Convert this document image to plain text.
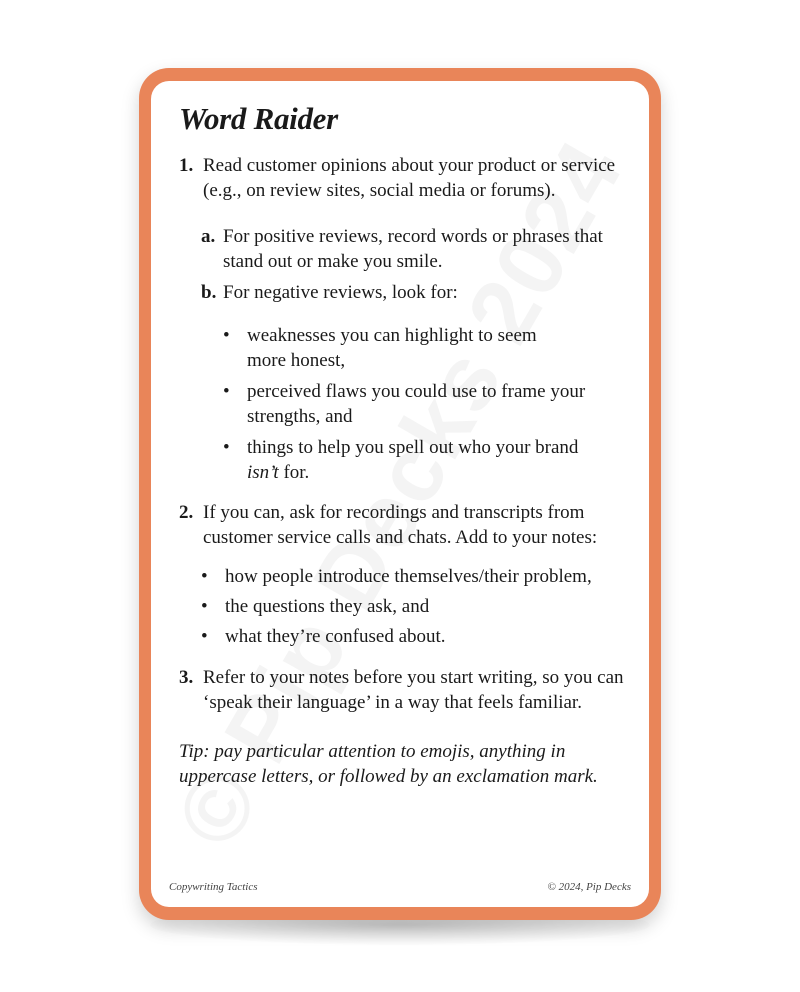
Word Raider
1. Read customer opinions about your product or service (e.g., on review sites, social media or forums).
a. For positive reviews, record words or phrases that stand out or make you smile.
b. For negative reviews, look for:
• weaknesses you can highlight to seem more honest,
• perceived flaws you could use to frame your strengths, and
• things to help you spell out who your brand
isn’t for.
2. If you can, ask for recordings and transcripts from customer service calls and chats. Add to your notes:
• how people introduce themselves/their problem,
• the questions they ask, and
• what they’re confused about.
3. Refer to your notes before you start writing, so you can ‘speak their language’ in a way that feels familiar.
Tip: pay particular attention to emojis, anything in uppercase letters, or followed by an exclamation mark.
Copywriting Tactics	© 2024, Pip Decks
